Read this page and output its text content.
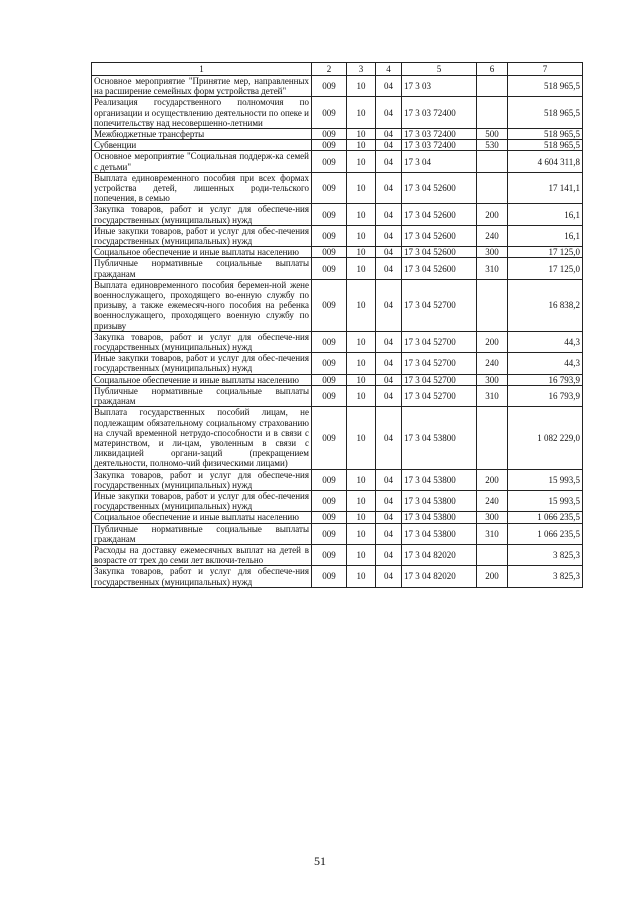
1	2	3	4	5	6	7
Основное мероприятие "Принятие мер, направленных на расширение семейных форм устройства детей"	009	10	04	17 3 03		518 965,5
Реализация государственного полномочия по организации и осуществлению деятельности по опеке и попечительству над несовершенно-летними	009	10	04	17 3 03 72400		518 965,5
Межбюджетные трансферты	009	10	04	17 3 03 72400	500	518 965,5
Субвенции	009	10	04	17 3 03 72400	530	518 965,5
Основное мероприятие "Социальная поддерж-ка семей с детьми"	009	10	04	17 3 04		4 604 311,8
Выплата единовременного пособия при всех формах устройства детей, лишенных роди-тельского попечения, в семью	009	10	04	17 3 04 52600		17 141,1
Закупка товаров, работ и услуг для обеспече-ния государственных (муниципальных) нужд	009	10	04	17 3 04 52600	200	16,1
Иные закупки товаров, работ и услуг для обес-печения государственных (муниципальных) нужд	009	10	04	17 3 04 52600	240	16,1
Социальное обеспечение и иные выплаты населению	009	10	04	17 3 04 52600	300	17 125,0
Публичные нормативные социальные выплаты гражданам	009	10	04	17 3 04 52600	310	17 125,0
Выплата единовременного пособия беремен-ной жене военнослужащего, проходящего во-енную службу по призыву, а также ежемесяч-ного пособия на ребенка военнослужащего, проходящего военную службу по призыву	009	10	04	17 3 04 52700		16 838,2
Закупка товаров, работ и услуг для обеспече-ния государственных (муниципальных) нужд	009	10	04	17 3 04 52700	200	44,3
Иные закупки товаров, работ и услуг для обес-печения государственных (муниципальных) нужд	009	10	04	17 3 04 52700	240	44,3
Социальное обеспечение и иные выплаты населению	009	10	04	17 3 04 52700	300	16 793,9
Публичные нормативные социальные выплаты гражданам	009	10	04	17 3 04 52700	310	16 793,9
Выплата государственных пособий лицам, не подлежащим обязательному социальному страхованию на случай временной нетрудо-способности и в связи с материнством, и ли-цам, уволенным в связи с ликвидацией органи-заций (прекращением деятельности, полномо-чий физическими лицами)	009	10	04	17 3 04 53800		1 082 229,0
Закупка товаров, работ и услуг для обеспече-ния государственных (муниципальных) нужд	009	10	04	17 3 04 53800	200	15 993,5
Иные закупки товаров, работ и услуг для обес-печения государственных (муниципальных) нужд	009	10	04	17 3 04 53800	240	15 993,5
Социальное обеспечение и иные выплаты населению	009	10	04	17 3 04 53800	300	1 066 235,5
Публичные нормативные социальные выплаты гражданам	009	10	04	17 3 04 53800	310	1 066 235,5
Расходы на доставку ежемесячных выплат на детей в возрасте от трех до семи лет включи-тельно	009	10	04	17 3 04 82020		3 825,3
Закупка товаров, работ и услуг для обеспече-ния государственных (муниципальных) нужд	009	10	04	17 3 04 82020	200	3 825,3
51
